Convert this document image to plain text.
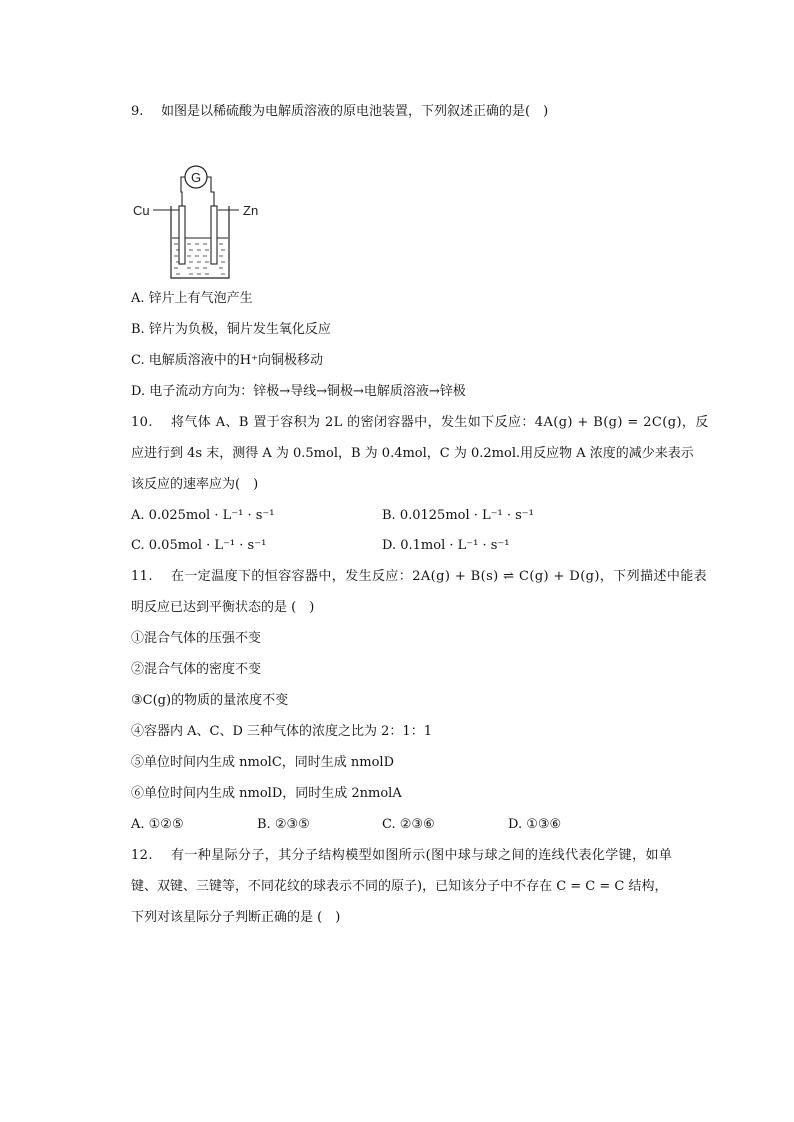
9. 如图是以稀硫酸为电解质溶液的原电池装置，下列叙述正确的是(　)
G
Cu	Zn
A. 锌片上有气泡产生
B. 锌片为负极，铜片发生氧化反应
C. 电解质溶液中的H⁺向铜极移动
D. 电子流动方向为：锌极→导线→铜极→电解质溶液→锌极
10. 将气体 A、B 置于容积为 2L 的密闭容器中，发生如下反应：4A(g) + B(g) = 2C(g)，反
应进行到 4s 末，测得 A 为 0.5mol，B 为 0.4mol，C 为 0.2mol.用反应物 A 浓度的减少来表示
该反应的速率应为(　)
A. 0.025mol · L⁻¹ · s⁻¹	B. 0.0125mol · L⁻¹ · s⁻¹
C. 0.05mol · L⁻¹ · s⁻¹	D. 0.1mol · L⁻¹ · s⁻¹
11. 在一定温度下的恒容容器中，发生反应：2A(g) + B(s) ⇌ C(g) + D(g)，下列描述中能表
明反应已达到平衡状态的是 (　)
①混合气体的压强不变
②混合气体的密度不变
③C(g)的物质的量浓度不变
④容器内 A、C、D 三种气体的浓度之比为 2：1：1
⑤单位时间内生成 nmolC，同时生成 nmolD
⑥单位时间内生成 nmolD，同时生成 2nmolA
A. ①②⑤	B. ②③⑤	C. ②③⑥	D. ①③⑥
12. 有一种星际分子，其分子结构模型如图所示(图中球与球之间的连线代表化学键，如单
键、双键、三键等，不同花纹的球表示不同的原子)，已知该分子中不存在 C = C = C 结构，
下列对该星际分子判断正确的是 (　)
